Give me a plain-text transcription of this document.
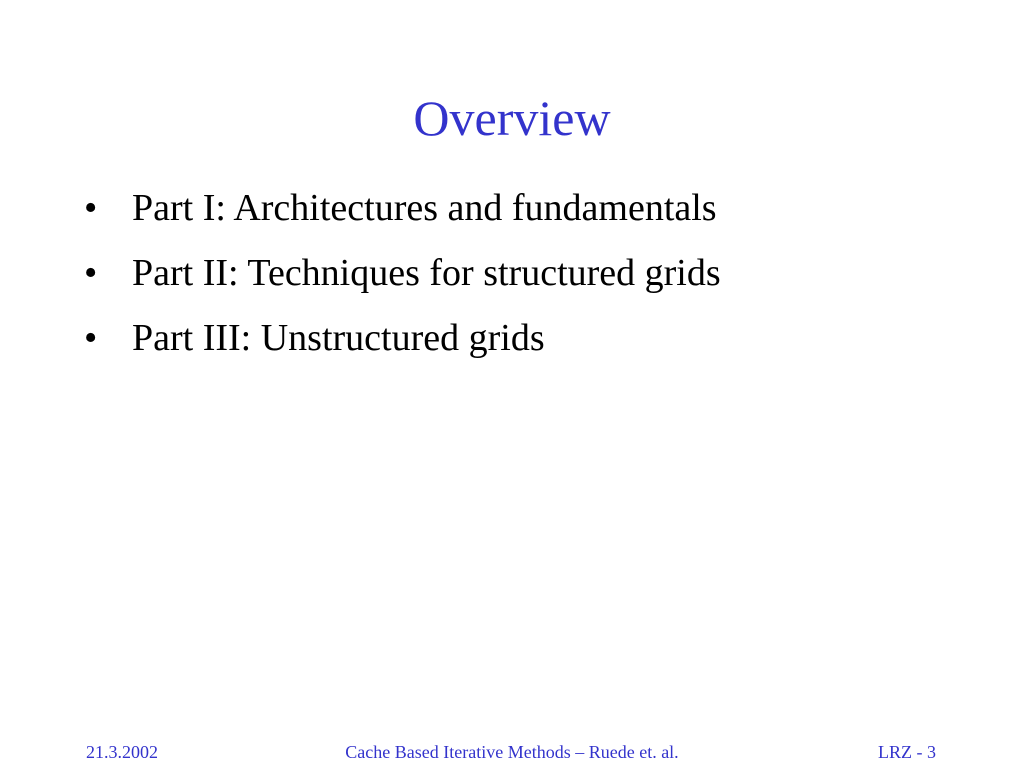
Overview
• Part I: Architectures and fundamentals
• Part II: Techniques for structured grids
• Part III: Unstructured grids
21.3.2002	Cache Based Iterative Methods – Ruede et. al.	LRZ - 3
